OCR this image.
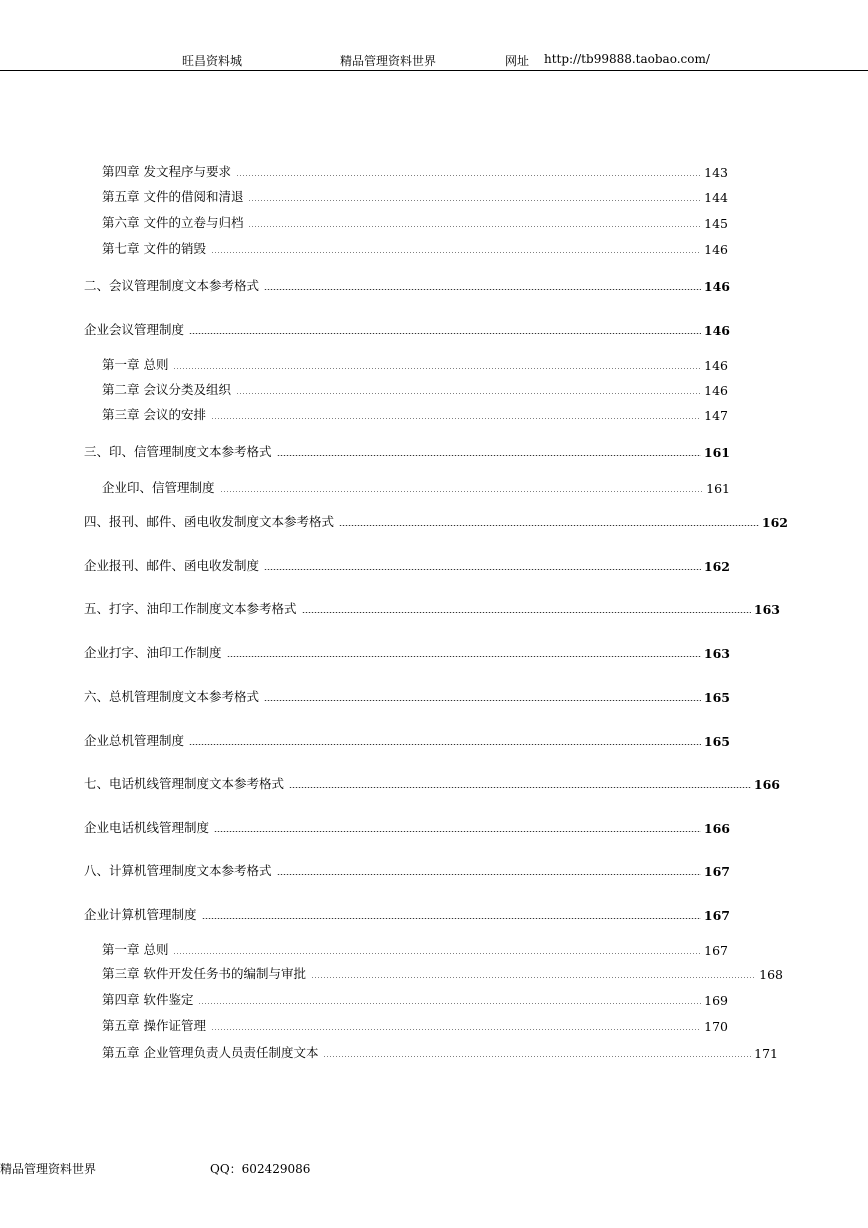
旺昌资料城	精品管理资料世界	网址 http://tb99888.taobao.com/
第四章 发文程序与要求	143
第五章 文件的借阅和清退	144
第六章 文件的立卷与归档	145
第七章 文件的销毁	146
二、会议管理制度文本参考格式	146
企业会议管理制度	146
第一章 总则	146
第二章 会议分类及组织	146
第三章 会议的安排	147
三、印、信管理制度文本参考格式	161
企业印、信管理制度	161
四、报刊、邮件、函电收发制度文本参考格式	162
企业报刊、邮件、函电收发制度	162
五、打字、油印工作制度文本参考格式	163
企业打字、油印工作制度	163
六、总机管理制度文本参考格式	165
企业总机管理制度	165
七、电话机线管理制度文本参考格式	166
企业电话机线管理制度	166
八、计算机管理制度文本参考格式	167
企业计算机管理制度	167
第一章 总则	167
第三章 软件开发任务书的编制与审批	168
第四章 软件鉴定	169
第五章 操作证管理	170
第五章 企业管理负责人员责任制度文本	171
精品管理资料世界	QQ：602429086
